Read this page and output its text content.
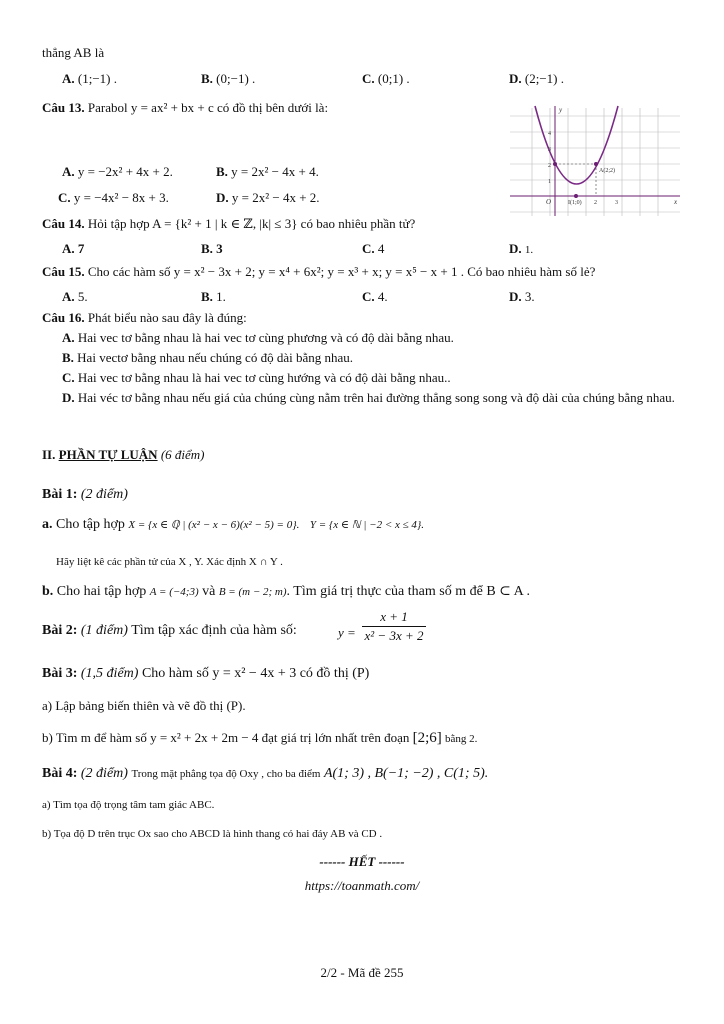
thẳng AB là
A. (1;−1) .	B. (0;−1) .	C. (0;1) .	D. (2;−1) .
Câu 13. Parabol y = ax² + bx + c có đồ thị bên dưới là:
A. y = −2x² + 4x + 2.	B. y = 2x² − 4x + 4.
C. y = −4x² − 8x + 3.	D. y = 2x² − 4x + 2.
y
x
O
1
2
3
4
2	3
A(2;2)
I(1;0)
Câu 14. Hỏi tập hợp A = {k² + 1 | k ∈ ℤ, |k| ≤ 3} có bao nhiêu phần tử?
A. 7	B. 3	C. 4	D. 1.
Câu 15. Cho các hàm số y = x² − 3x + 2; y = x⁴ + 6x²; y = x³ + x; y = x⁵ − x + 1 . Có bao nhiêu hàm số lẻ?
A. 5.	B. 1.	C. 4.	D. 3.
Câu 16. Phát biểu nào sau đây là đúng:
A. Hai vec tơ bằng nhau là hai vec tơ cùng phương và có độ dài bằng nhau.
B. Hai vectơ bằng nhau nếu chúng có độ dài bằng nhau.
C. Hai vec tơ bằng nhau là hai vec tơ cùng hướng và có độ dài bằng nhau..
D. Hai véc tơ bằng nhau nếu giá của chúng cùng nằm trên hai đường thẳng song song và độ dài của chúng bằng nhau.
II. PHẦN TỰ LUẬN (6 điểm)
Bài 1: (2 điểm)
a. Cho tập hợp X = {x ∈ ℚ | (x² − x − 6)(x² − 5) = 0}. Y = {x ∈ ℕ | −2 < x ≤ 4}.
Hãy liệt kê các phần tử của X , Y. Xác định X ∩ Y .
b. Cho hai tập hợp A = (−4;3) và B = (m − 2; m). Tìm giá trị thực của tham số m để B ⊂ A .
Bài 2: (1 điểm) Tìm tập xác định của hàm số:	$y = \frac{x + 1}{\text{x² − 3x + 2}}$
Bài 3: (1,5 điểm) Cho hàm số y = x² − 4x + 3 có đồ thị (P)
a) Lập bảng biến thiên và vẽ đồ thị (P).
b) Tìm m để hàm số y = x² + 2x + 2m − 4 đạt giá trị lớn nhất trên đoạn [2;6] bằng 2.
Bài 4: (2 điểm) Trong mặt phẳng tọa độ Oxy , cho ba điểm A(1; 3) , B(−1; −2) , C(1; 5).
a) Tìm tọa độ trọng tâm tam giác ABC.
b) Tọa độ D trên trục Ox sao cho ABCD là hình thang có hai đáy AB và CD .
------ HẾT ------
https://toanmath.com/
2/2 - Mã đề 255
